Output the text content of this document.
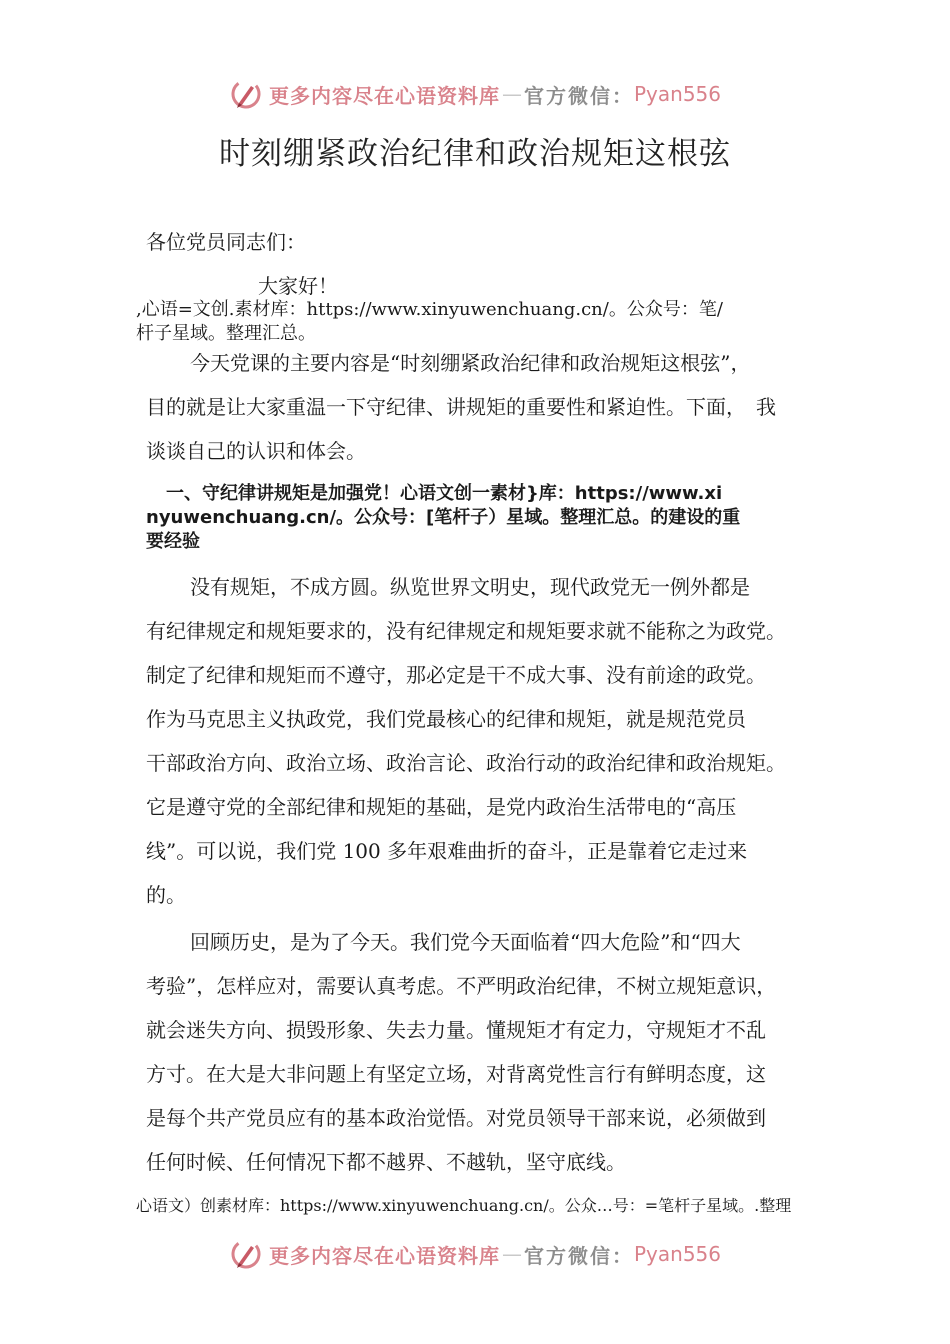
更多内容尽在心语资料库 — 官方微信： Pyan556
时刻绷紧政治纪律和政治规矩这根弦
各位党员同志们：
大家好！
,心语=文创.素材库：https://www.xinyuwenchuang.cn/。公众号：笔/
杆子星域。整理汇总。
今天党课的主要内容是“时刻绷紧政治纪律和政治规矩这根弦”，
目的就是让大家重温一下守纪律、讲规矩的重要性和紧迫性。下面，　我
谈谈自己的认识和体会。
一、守纪律讲规矩是加强党！心语文创一素材}库：https://www.xi
nyuwenchuang.cn/。公众号：[笔杆子）星域。整理汇总。的建设的重
要经验
没有规矩，不成方圆。纵览世界文明史，现代政党无一例外都是
有纪律规定和规矩要求的，没有纪律规定和规矩要求就不能称之为政党。
制定了纪律和规矩而不遵守，那必定是干不成大事、没有前途的政党。
作为马克思主义执政党，我们党最核心的纪律和规矩，就是规范党员
干部政治方向、政治立场、政治言论、政治行动的政治纪律和政治规矩。
它是遵守党的全部纪律和规矩的基础，是党内政治生活带电的“高压
线”。可以说，我们党 100 多年艰难曲折的奋斗，正是靠着它走过来
的。
回顾历史，是为了今天。我们党今天面临着“四大危险”和“四大
考验”，怎样应对，需要认真考虑。不严明政治纪律，不树立规矩意识，
就会迷失方向、损毁形象、失去力量。懂规矩才有定力，守规矩才不乱
方寸。在大是大非问题上有坚定立场，对背离党性言行有鲜明态度，这
是每个共产党员应有的基本政治觉悟。对党员领导干部来说，必须做到
任何时候、任何情况下都不越界、不越轨，坚守底线。
心语文）创素材库：https://www.xinyuwenchuang.cn/。公众…号：=笔杆子星域。.整理
更多内容尽在心语资料库 — 官方微信： Pyan556
